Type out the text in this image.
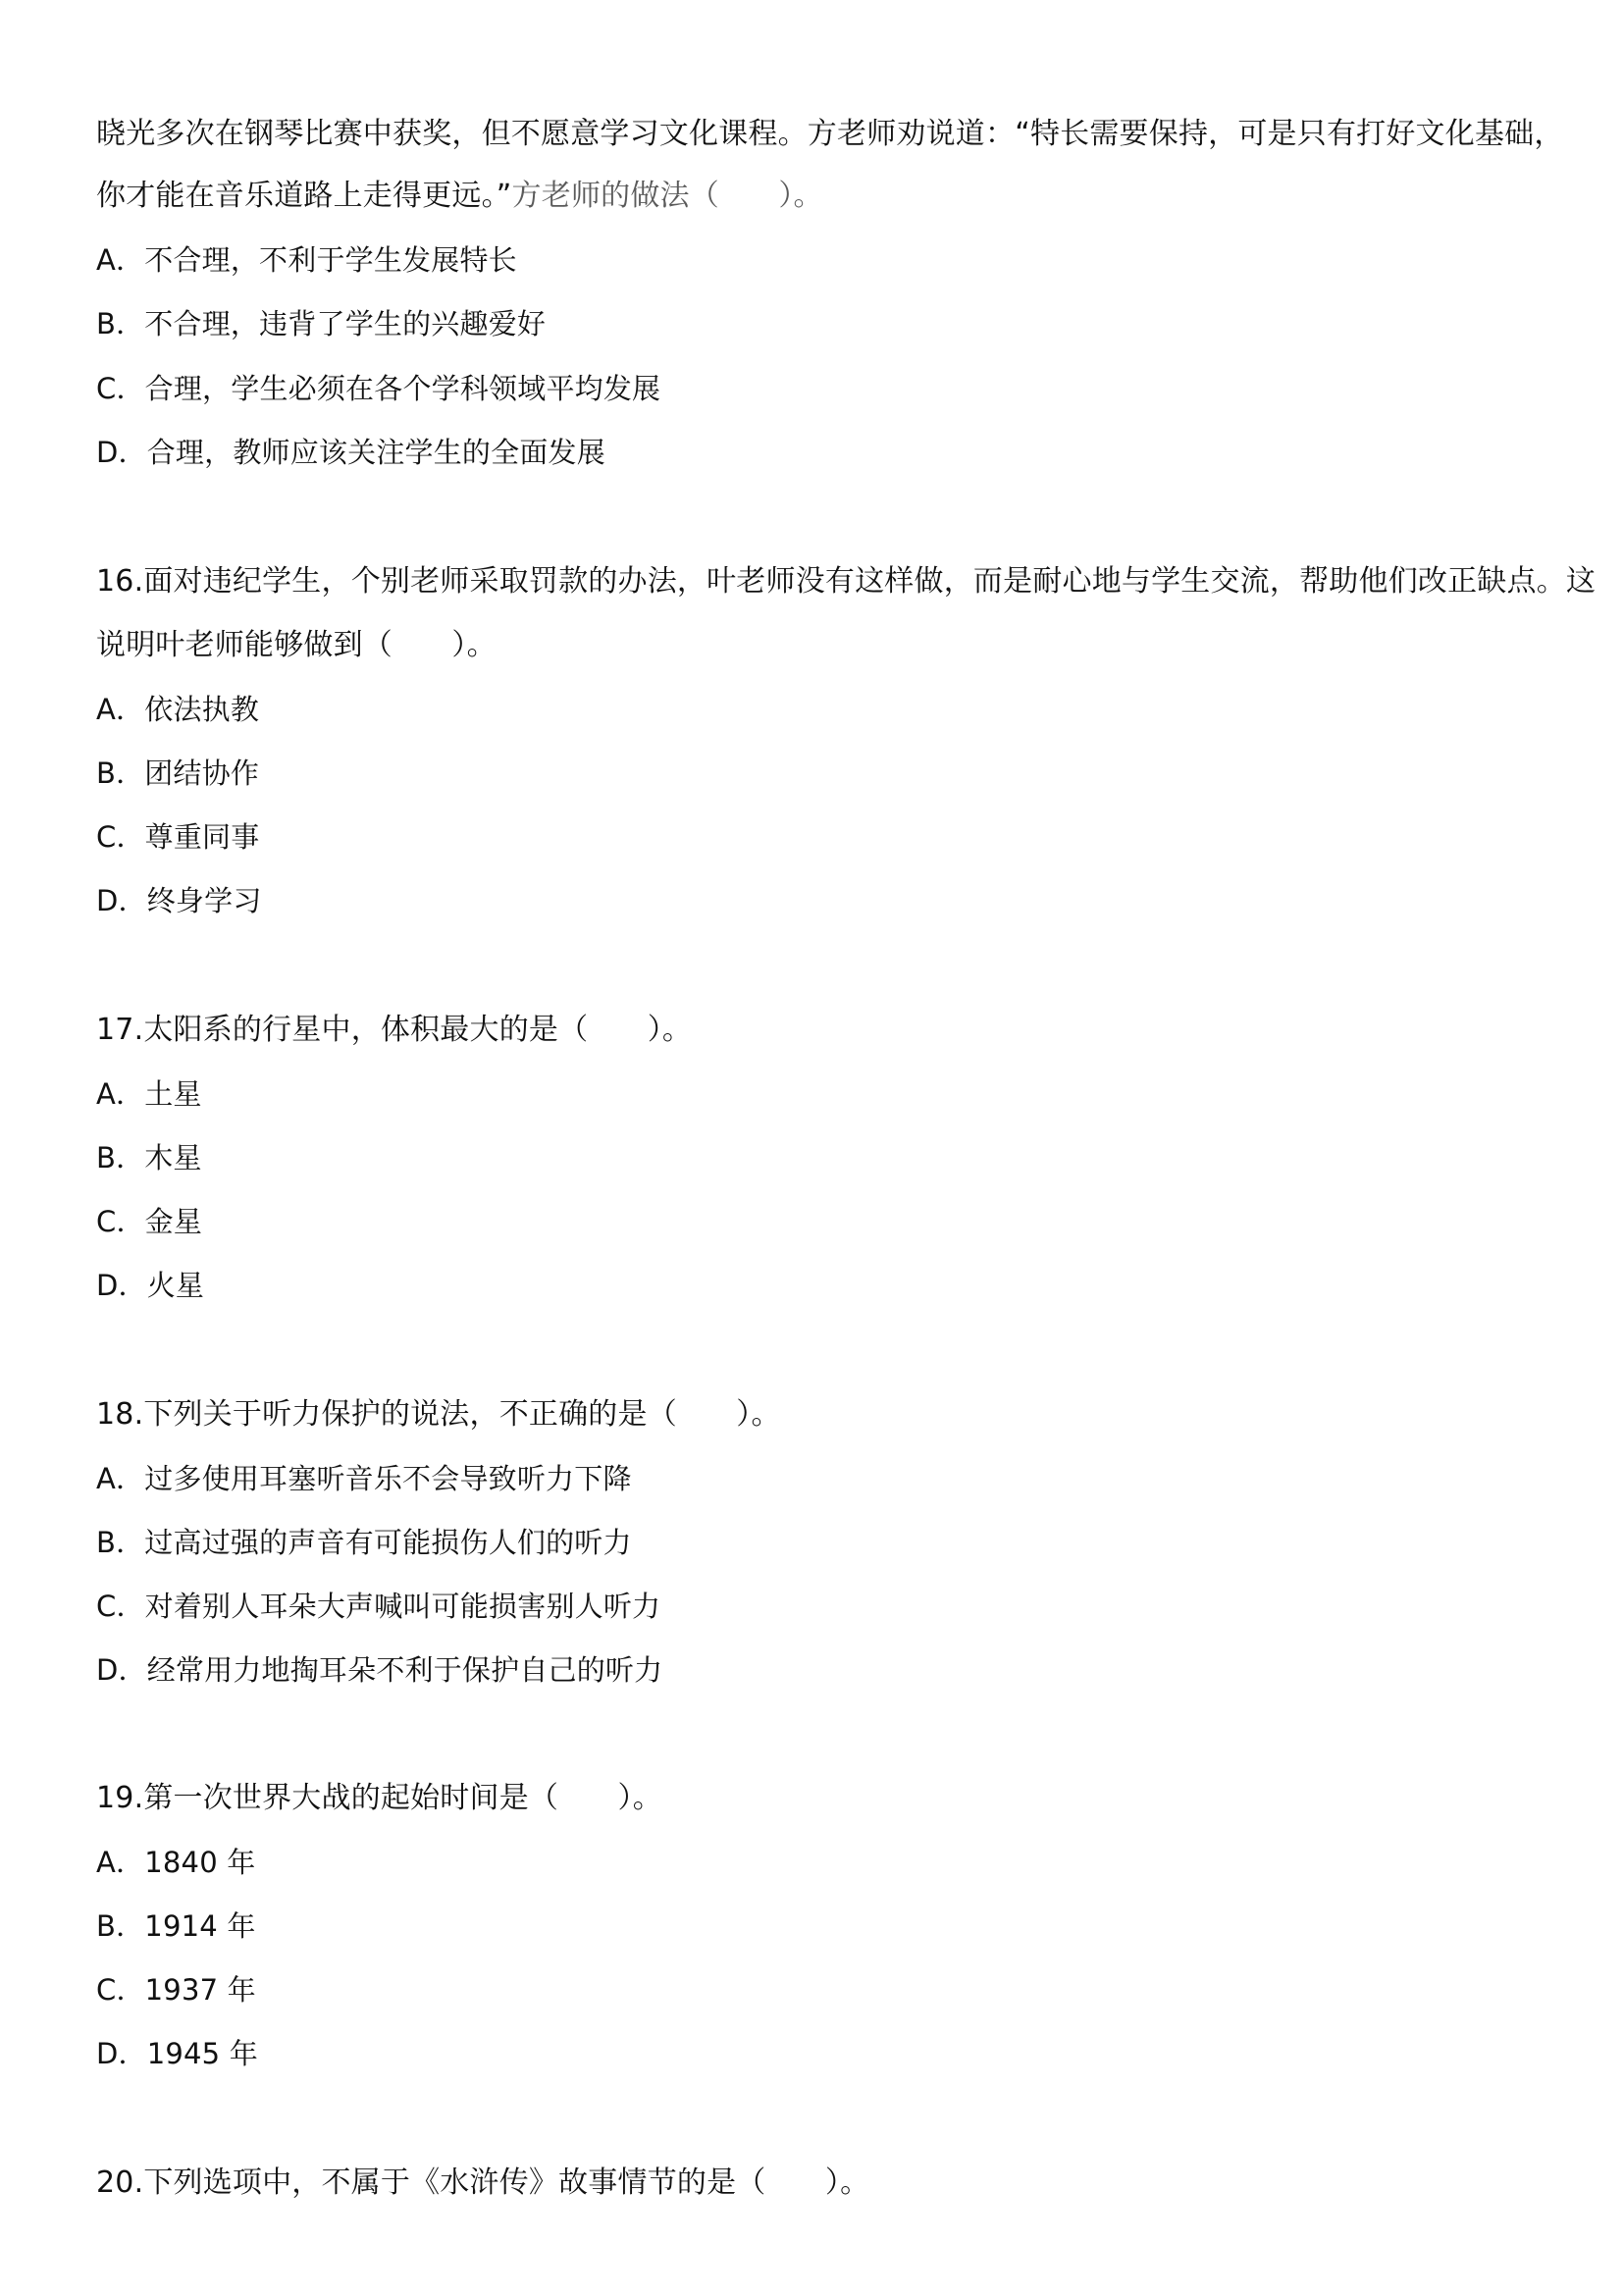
晓光多次在钢琴比赛中获奖，但不愿意学习文化课程。方老师劝说道：“特长需要保持，可是只有打好文化基础，
你才能在音乐道路上走得更远。”方老师的做法（　　）。
A．不合理，不利于学生发展特长
B．不合理，违背了学生的兴趣爱好
C．合理，学生必须在各个学科领域平均发展
D．合理，教师应该关注学生的全面发展
16.面对违纪学生，个别老师采取罚款的办法，叶老师没有这样做，而是耐心地与学生交流，帮助他们改正缺点。这
说明叶老师能够做到（　　）。
A．依法执教
B．团结协作
C．尊重同事
D．终身学习
17.太阳系的行星中，体积最大的是（　　）。
A．土星
B．木星
C．金星
D．火星
18.下列关于听力保护的说法，不正确的是（　　）。
A．过多使用耳塞听音乐不会导致听力下降
B．过高过强的声音有可能损伤人们的听力
C．对着别人耳朵大声喊叫可能损害别人听力
D．经常用力地掏耳朵不利于保护自己的听力
19.第一次世界大战的起始时间是（　　）。
A．1840 年
B．1914 年
C．1937 年
D．1945 年
20.下列选项中，不属于《水浒传》故事情节的是（　　）。
